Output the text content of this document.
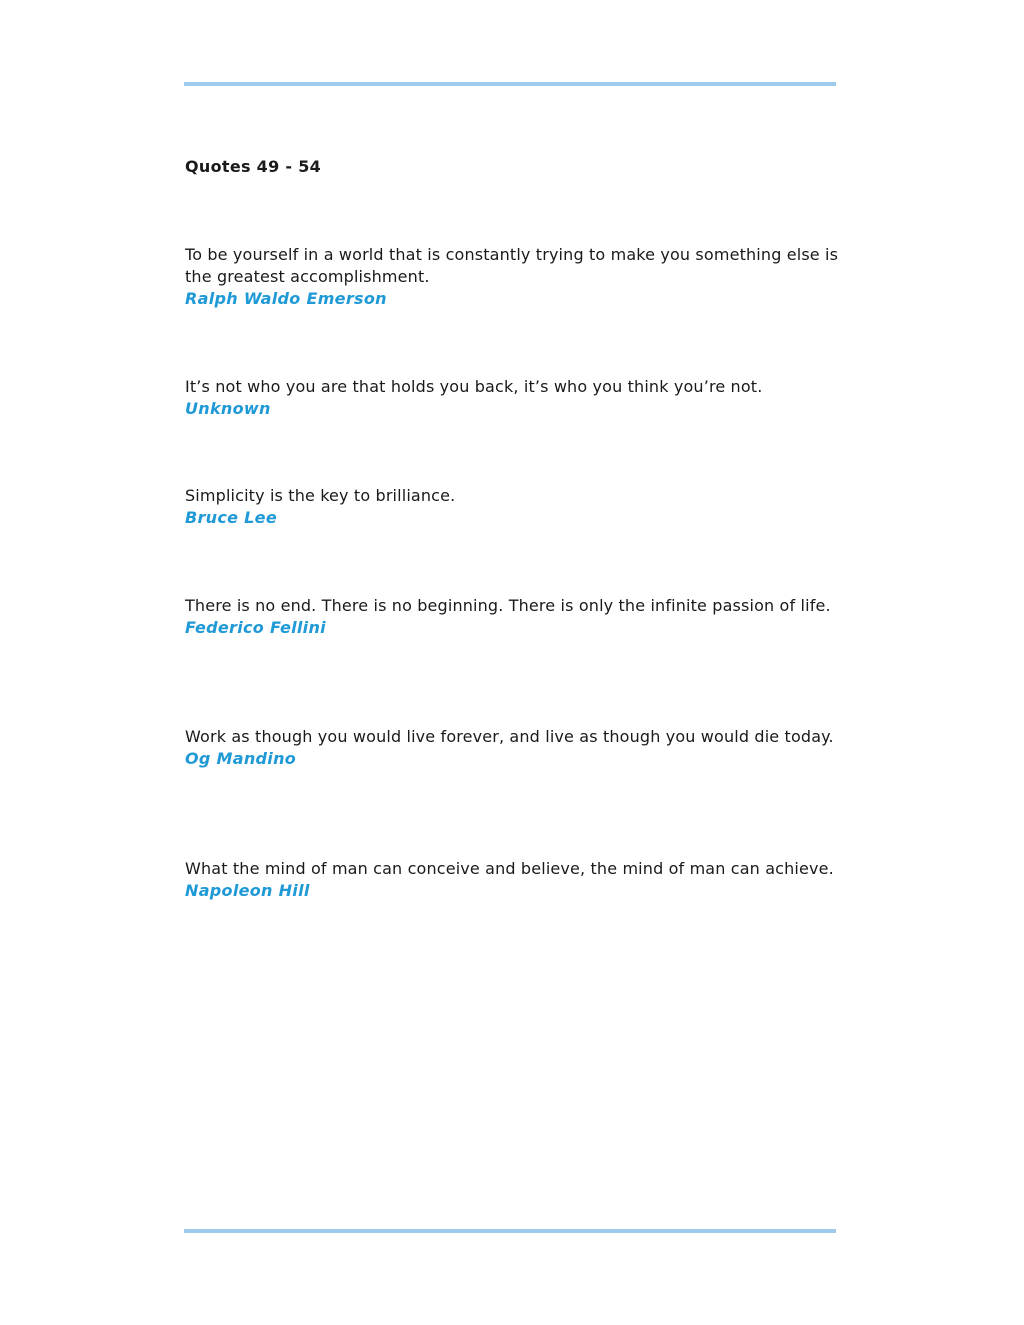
Quotes 49 - 54

To be yourself in a world that is constantly trying to make you something else is the greatest accomplishment.

Ralph Waldo Emerson

It’s not who you are that holds you back, it’s who you think you’re not.

Unknown

Simplicity is the key to brilliance.

Bruce Lee

There is no end. There is no beginning. There is only the infinite passion of life.

Federico Fellini

Work as though you would live forever, and live as though you would die today.

Og Mandino

What the mind of man can conceive and believe, the mind of man can achieve.

Napoleon Hill
